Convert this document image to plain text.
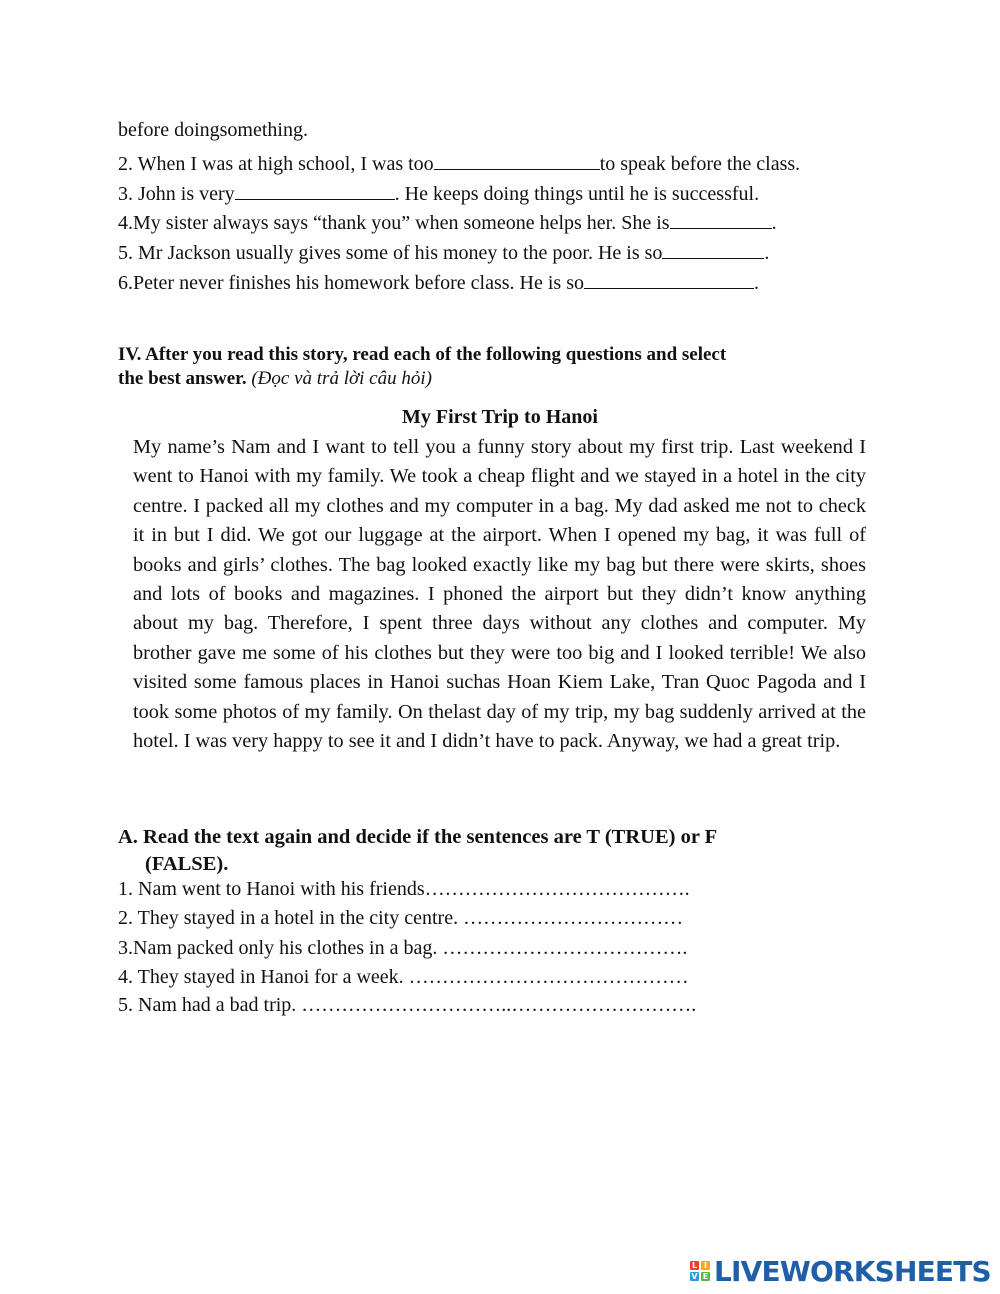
before doingsomething.
2. When I was at high school, I was too	to speak before the class.
3. John is very	. He keeps doing things until he is successful.
4.My sister always says “thank you” when someone helps her. She is	.
5. Mr Jackson usually gives some of his money to the poor. He is so	.
6.Peter never finishes his homework before class. He is so	.
IV. After you read this story, read each of the following questions and select
the best answer. (Đọc và trả lời câu hỏi)
My First Trip to Hanoi
My name’s Nam and I want to tell you a funny story about my first trip. Last weekend I went to Hanoi with my family. We took a cheap flight and we stayed in a hotel in the city centre. I packed all my clothes and my computer in a bag. My dad asked me not to check it in but I did. We got our luggage at the airport. When I opened my bag, it was full of books and girls’ clothes. The bag looked exactly like my bag but there were skirts, shoes and lots of books and magazines. I phoned the airport but they didn’t know anything about my bag. Therefore, I spent three days without any clothes and computer. My brother gave me some of his clothes but they were too big and I looked terrible! We also visited some famous places in Hanoi suchas Hoan Kiem Lake, Tran Quoc Pagoda and I took some photos of my family. On thelast day of my trip, my bag suddenly arrived at the hotel. I was very happy to see it and I didn’t have to pack. Anyway, we had a great trip.
A. Read the text again and decide if the sentences are T (TRUE) or F
(FALSE).
1. Nam went to Hanoi with his friends………………………………….
2. They stayed in a hotel in the city centre. ……………………………
3.Nam packed only his clothes in a bag. ……………………………….
4. They stayed in Hanoi for a week. ……………………………………
5. Nam had a bad trip. …………………………..……………………….
L I
V E LIVEWORKSHEETS
